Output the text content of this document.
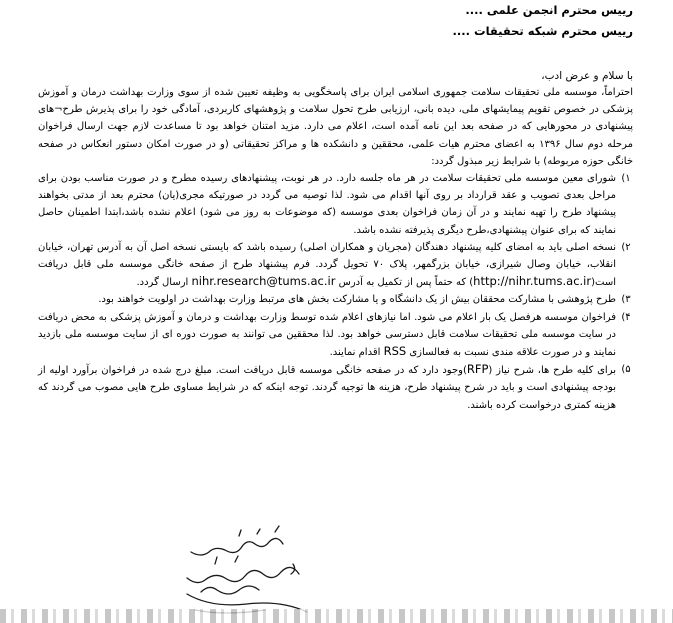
رییس محترم انجمن علمی ....
رییس محترم شبکه تحقیقات ....
با سلام و عرض ادب،

احتراماً، موسسه ملی تحقیقات سلامت جمهوری اسلامی ایران برای پاسخگویی به وظیفه تعیین شده از سوی وزارت بهداشت درمان و آموزش پزشکی در خصوص تقویم پیمایشهای ملی، دیده بانی، ارزیابی طرح تحول سلامت و پژوهشهای کاربردی، آمادگی خود را برای پذیرش طرح¬های پیشنهادی در محورهایی که در صفحه بعد این نامه آمده است، اعلام می دارد. مزید امتنان خواهد بود تا مساعدت لازم جهت ارسال فراخوان مرحله دوم سال ۱۳۹۶ به اعضای محترم هیات علمی، محققین و دانشکده ها و مراکز تحقیقاتی (و در صورت امکان دستور انعکاس در صفحه خانگی حوزه مربوطه) با شرایط زیر مبذول گردد:

۱)
شورای معین موسسه ملی تحقیقات سلامت در هر ماه جلسه دارد. در هر نوبت، پیشنهادهای رسیده مطرح و در صورت مناسب بودن برای مراحل بعدی تصویب و عقد قرارداد بر روی آنها اقدام می شود. لذا توصیه می گردد در صورتیکه مجری(یان) محترم بعد از مدتی بخواهند پیشنهاد طرح را تهیه نمایند و در آن زمان فراخوان بعدی موسسه (که موضوعات به روز می شود) اعلام نشده باشد،ابتدا اطمینان حاصل نمایند که برای عنوان پیشنهادی،طرح دیگری پذیرفته نشده باشد.
۲)
نسخه اصلی باید به امضای کلیه پیشنهاد دهندگان (مجریان و همکاران اصلی) رسیده باشد که بایستی نسخه اصل آن به آدرس تهران، خیابان انقلاب، خیابان وصال شیرازی، خیابان بزرگمهر، پلاک ۷۰ تحویل گردد. فرم پیشنهاد طرح از صفحه خانگی موسسه ملی قابل دریافت است(http://nihr.tums.ac.ir) که حتماً پس از تکمیل به آدرس nihr.research@tums.ac.ir ارسال گردد.
۳)
طرح پژوهشی با مشارکت محققان بیش از یک دانشگاه و یا مشارکت بخش های مرتبط وزارت بهداشت در اولویت خواهند بود.
۴)
فراخوان موسسه هرفصل یک بار اعلام می شود. اما نیازهای اعلام شده توسط وزارت بهداشت و درمان و آموزش پزشکی به محض دریافت در سایت موسسه ملی تحقیقات سلامت قابل دسترسی خواهد بود. لذا محققین می توانند به صورت دوره ای از سایت موسسه ملی بازدید نمایند و در صورت علاقه مندی نسبت به فعالسازی RSS اقدام نمایند.
۵)
برای کلیه طرح ها، شرح نیاز (RFP)وجود دارد که در صفحه خانگی موسسه قابل دریافت است. مبلغ درج شده در فراخوان برآورد اولیه از بودجه پیشنهادی است و باید در شرح پیشنهاد طرح، هزینه ها توجیه گردند. توجه اینکه که در شرایط مساوی طرح هایی مصوب می گردند که هزینه کمتری درخواست کرده باشند.
